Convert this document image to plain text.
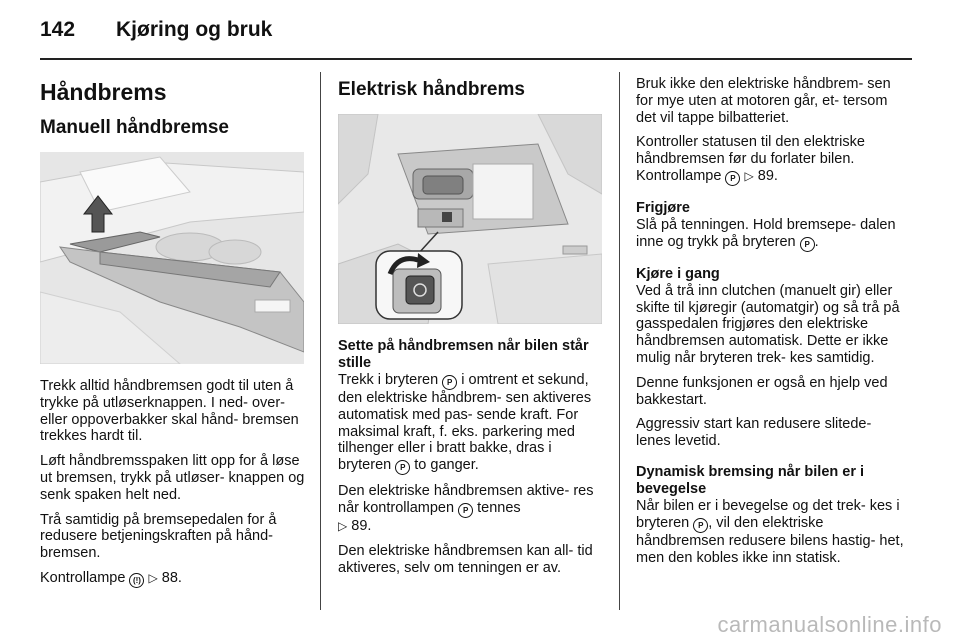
142 Kjøring og bruk
Håndbrems
Manuell håndbremse

Trekk alltid håndbremsen godt til uten å trykke på utløserknappen. I ned- over- eller oppoverbakker skal hånd- bremsen trekkes hardt til.

Løft håndbremsspaken litt opp for å løse ut bremsen, trykk på utløser- knappen og senk spaken helt ned.

Trå samtidig på bremsepedalen for å redusere betjeningskraften på hånd- bremsen.

Kontrollampe (!) ▷ 88.

Elektrisk håndbrems
Sette på håndbremsen når bilen står stille

Trekk i bryteren P i omtrent et sekund, den elektriske håndbrem- sen aktiveres automatisk med pas- sende kraft. For maksimal kraft, f. eks. parkering med tilhenger eller i bratt bakke, dras i bryteren P to ganger.

Den elektriske håndbremsen aktive- res når kontrollampen P tennes
▷ 89.

Den elektriske håndbremsen kan all- tid aktiveres, selv om tenningen er av.

Bruk ikke den elektriske håndbrem- sen for mye uten at motoren går, et- tersom det vil tappe bilbatteriet.

Kontroller statusen til den elektriske håndbremsen før du forlater bilen.
Kontrollampe P ▷ 89.

Frigjøre

Slå på tenningen. Hold bremsepe- dalen inne og trykk på bryteren P .

Kjøre i gang

Ved å trå inn clutchen (manuelt gir) eller skifte til kjøregir (automatgir) og så trå på gasspedalen frigjøres den elektriske håndbremsen automatisk. Dette er ikke mulig når bryteren trek- kes samtidig.

Denne funksjonen er også en hjelp ved bakkestart.

Aggressiv start kan redusere slitede- lenes levetid.

Dynamisk bremsing når bilen er i bevegelse

Når bilen er i bevegelse og det trek- kes i bryteren P , vil den elektriske håndbremsen redusere bilens hastig- het, men den kobles ikke inn statisk.

carmanualsonline.info
